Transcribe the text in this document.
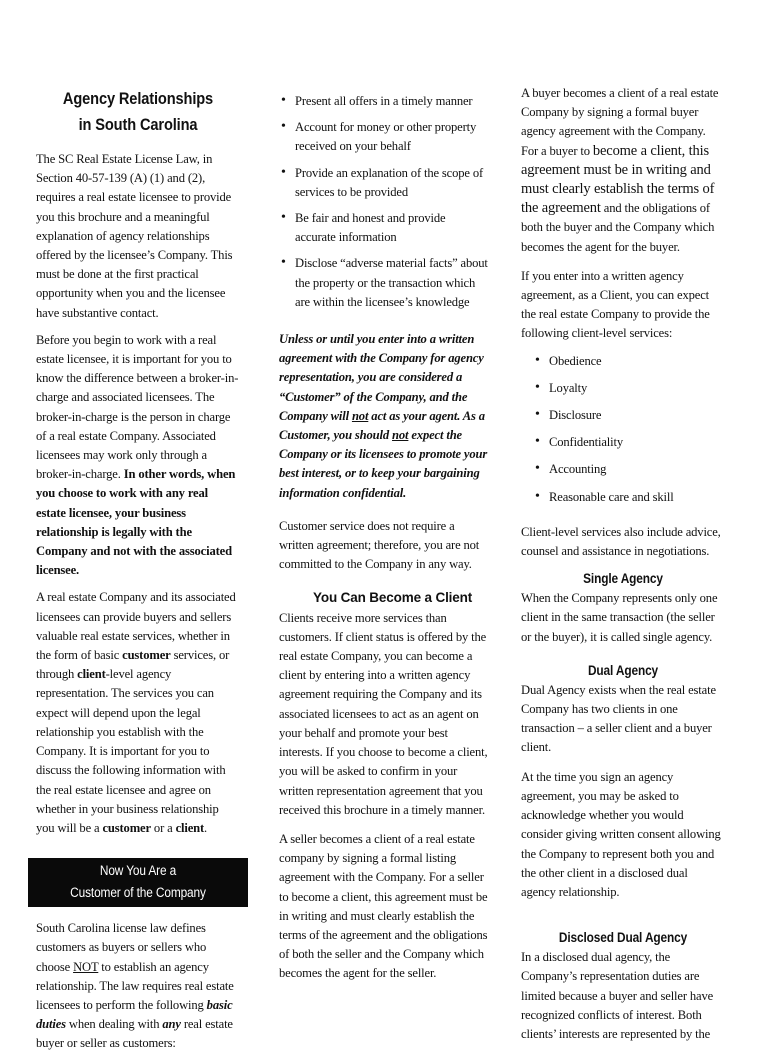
Agency Relationships
in South Carolina

The SC Real Estate License Law, in Section 40-57-139 (A) (1) and (2), requires a real estate licensee to provide you this brochure and a meaningful explanation of agency relationships offered by the licensee’s Company. This must be done at the first practical opportunity when you and the licensee have substantive contact.

Before you begin to work with a real estate licensee, it is important for you to know the difference between a broker-in-charge and associated licensees. The broker-in-charge is the person in charge of a real estate Company. Associated licensees may work only through a broker-in-charge. In other words, when you choose to work with any real estate licensee, your business relationship is legally with the Company and not with the associated licensee.

A real estate Company and its associated licensees can provide buyers and sellers valuable real estate services, whether in the form of basic customer services, or through client-level agency representation. The services you can expect will depend upon the legal relationship you establish with the Company. It is important for you to discuss the following information with the real estate licensee and agree on whether in your business relationship you will be a customer or a client.

Now You Are a
Customer of the Company

South Carolina license law defines customers as buyers or sellers who choose NOT to establish an agency relationship. The law requires real estate licensees to perform the following basic duties when dealing with any real estate buyer or seller as customers:

• Present all offers in a timely manner
• Account for money or other property received on your behalf
• Provide an explanation of the scope of services to be provided
• Be fair and honest and provide accurate information
• Disclose “adverse material facts” about the property or the transaction which are within the licensee’s knowledge

Unless or until you enter into a written agreement with the Company for agency representation, you are considered a “Customer” of the Company, and the Company will not act as your agent. As a Customer, you should not expect the Company or its licensees to promote your best interest, or to keep your bargaining information confidential.

Customer service does not require a written agreement; therefore, you are not committed to the Company in any way.

You Can Become a Client Clients receive more services than customers. If client status is offered by the real estate Company, you can become a client by entering into a written agency agreement requiring the Company and its associated licensees to act as an agent on your behalf and promote your best interests. If you choose to become a client, you will be asked to confirm in your written representation agreement that you received this brochure in a timely manner.

A seller becomes a client of a real estate company by signing a formal listing agreement with the Company. For a seller to become a client, this agreement must be in writing and must clearly establish the terms of the agreement and the obligations of both the seller and the Company which becomes the agent for the seller.

A buyer becomes a client of a real estate Company by signing a formal buyer agency agreement with the Company. For a buyer to become a client, this agreement must be in writing and must clearly establish the terms of the agreement and the obligations of both the buyer and the Company which becomes the agent for the buyer.

If you enter into a written agency agreement, as a Client, you can expect the real estate Company to provide the following client-level services:

• Obedience
• Loyalty
• Disclosure
• Confidentiality
• Accounting
• Reasonable care and skill

Client-level services also include advice, counsel and assistance in negotiations.

Single Agency

When the Company represents only one client in the same transaction (the seller or the buyer), it is called single agency.

Dual Agency

Dual Agency exists when the real estate Company has two clients in one transaction – a seller client and a buyer client.

At the time you sign an agency agreement, you may be asked to acknowledge whether you would consider giving written consent allowing the Company to represent both you and the other client in a disclosed dual agency relationship.

Disclosed Dual Agency

In a disclosed dual agency, the Company’s representation duties are limited because a buyer and seller have recognized conflicts of interest. Both clients’ interests are represented by the
